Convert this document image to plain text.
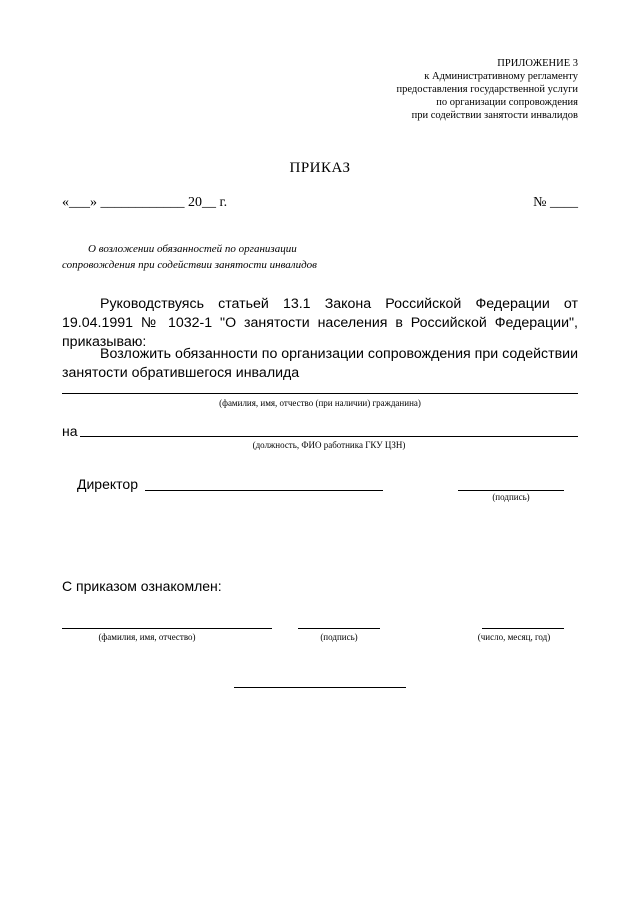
ПРИЛОЖЕНИЕ 3
к Административному регламенту
предоставления государственной услуги
по организации сопровождения
при содействии занятости инвалидов
ПРИКАЗ
«___» ____________ 20__ г.	№ ____
О возложении обязанностей по организации
сопровождения при содействии занятости инвалидов
Руководствуясь статьей 13.1 Закона Российской Федерации от 19.04.1991 № 1032-1 "О занятости населения в Российской Федерации", приказываю:
Возложить обязанности по организации сопровождения при содействии занятости обратившегося инвалида
(фамилия, имя, отчество (при наличии) гражданина)
на
(должность, ФИО работника ГКУ ЦЗН)
Директор
(подпись)
С приказом ознакомлен:
(фамилия, имя, отчество)	(подпись)	(число, месяц, год)
